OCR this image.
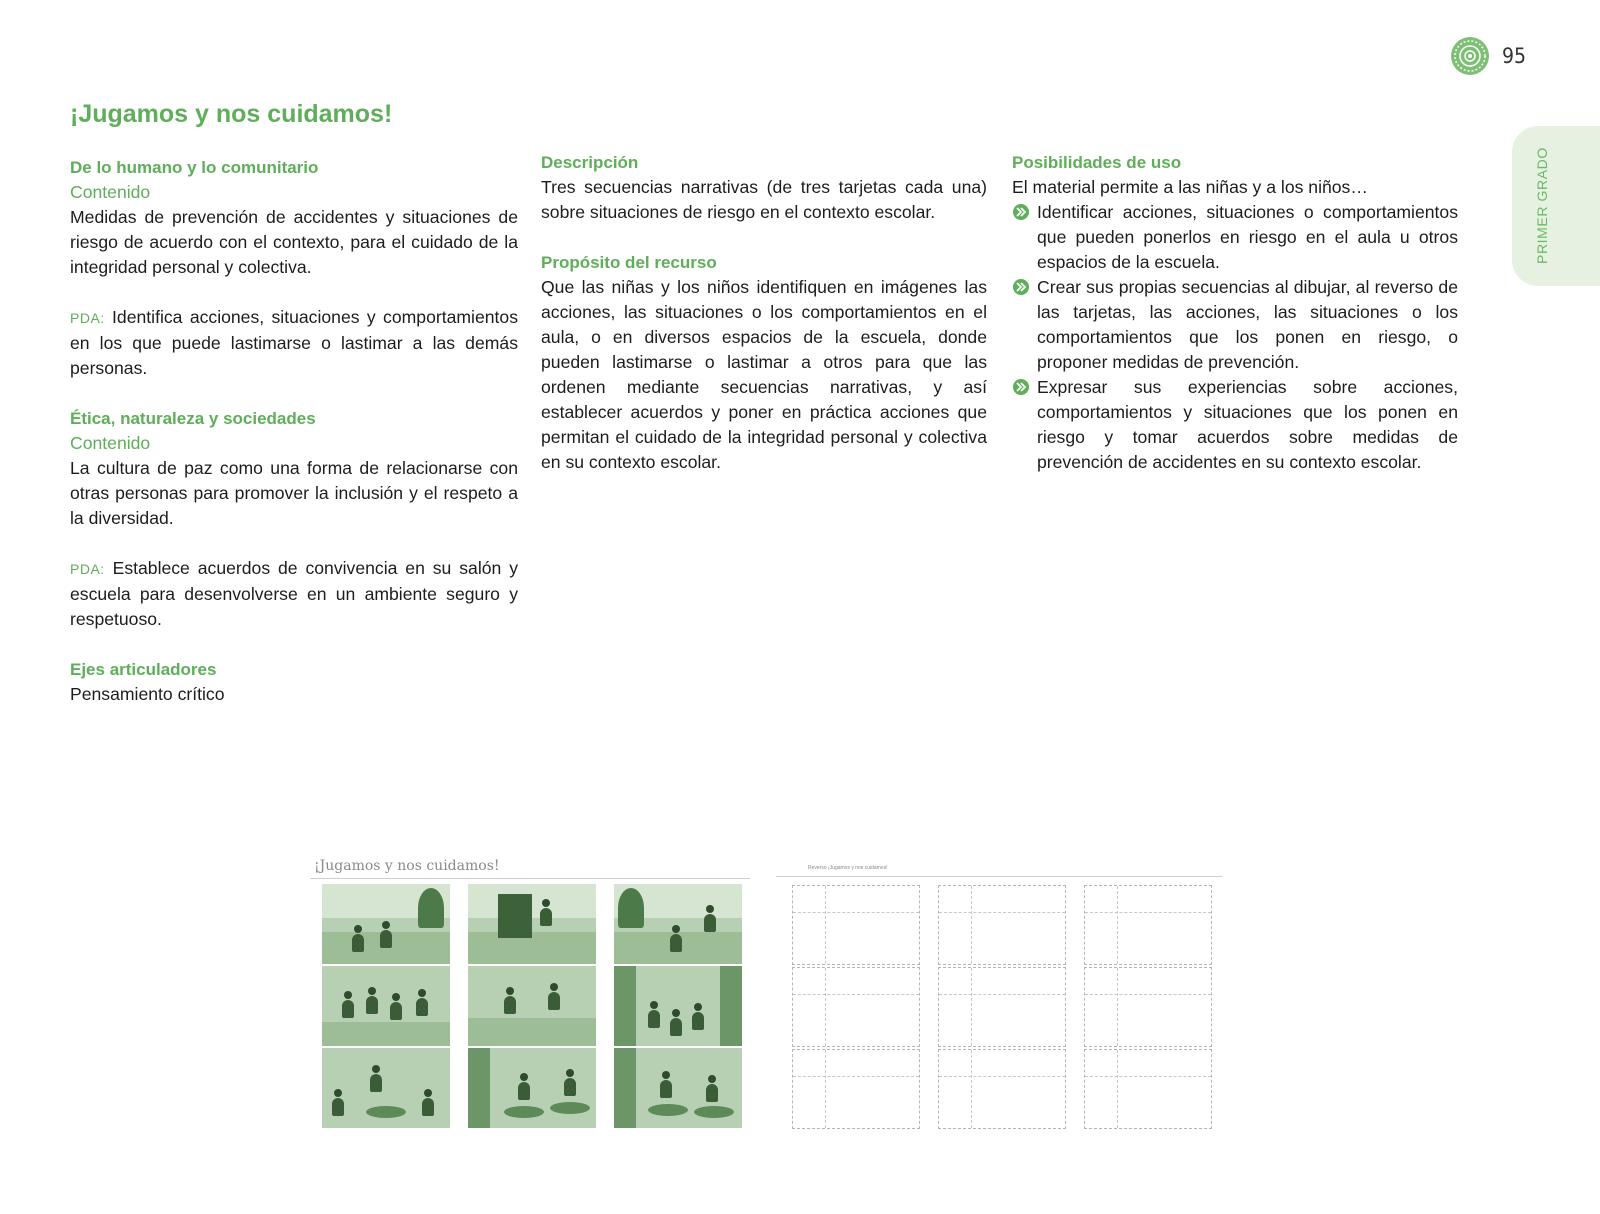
95
PRIMER GRADO
¡Jugamos y nos cuidamos!
De lo humano y lo comunitario
Contenido

Medidas de prevención de accidentes y situaciones de riesgo de acuerdo con el contexto, para el cuidado de la integridad personal y colectiva.

PDA: Identifica acciones, situaciones y comportamientos en los que puede lastimarse o lastimar a las demás personas.

Ética, naturaleza y sociedades
Contenido

La cultura de paz como una forma de relacionarse con otras personas para promover la inclusión y el respeto a la diversidad.

PDA: Establece acuerdos de convivencia en su salón y escuela para desenvolverse en un ambiente seguro y respetuoso.

Ejes articuladores

Pensamiento crítico

Descripción

Tres secuencias narrativas (de tres tarjetas cada una) sobre situaciones de riesgo en el contexto escolar.

Propósito del recurso

Que las niñas y los niños identifiquen en imágenes las acciones, las situaciones o los comportamientos en el aula, o en diversos espacios de la escuela, donde pueden lastimarse o lastimar a otros para que las ordenen mediante secuencias narrativas, y así establecer acuerdos y poner en práctica acciones que permitan el cuidado de la integridad personal y colectiva en su contexto escolar.

Posibilidades de uso

El material permite a las niñas y a los niños…

Identificar acciones, situaciones o comportamientos que pueden ponerlos en riesgo en el aula u otros espacios de la escuela.
Crear sus propias secuencias al dibujar, al reverso de las tarjetas, las acciones, las situaciones o los comportamientos que los ponen en riesgo, o proponer medidas de prevención.
Expresar sus experiencias sobre acciones, comportamientos y situaciones que los ponen en riesgo y tomar acuerdos sobre medidas de prevención de accidentes en su contexto escolar.
¡Jugamos y nos cuidamos!	Reverso ¡Jugamos y nos cuidamos!
